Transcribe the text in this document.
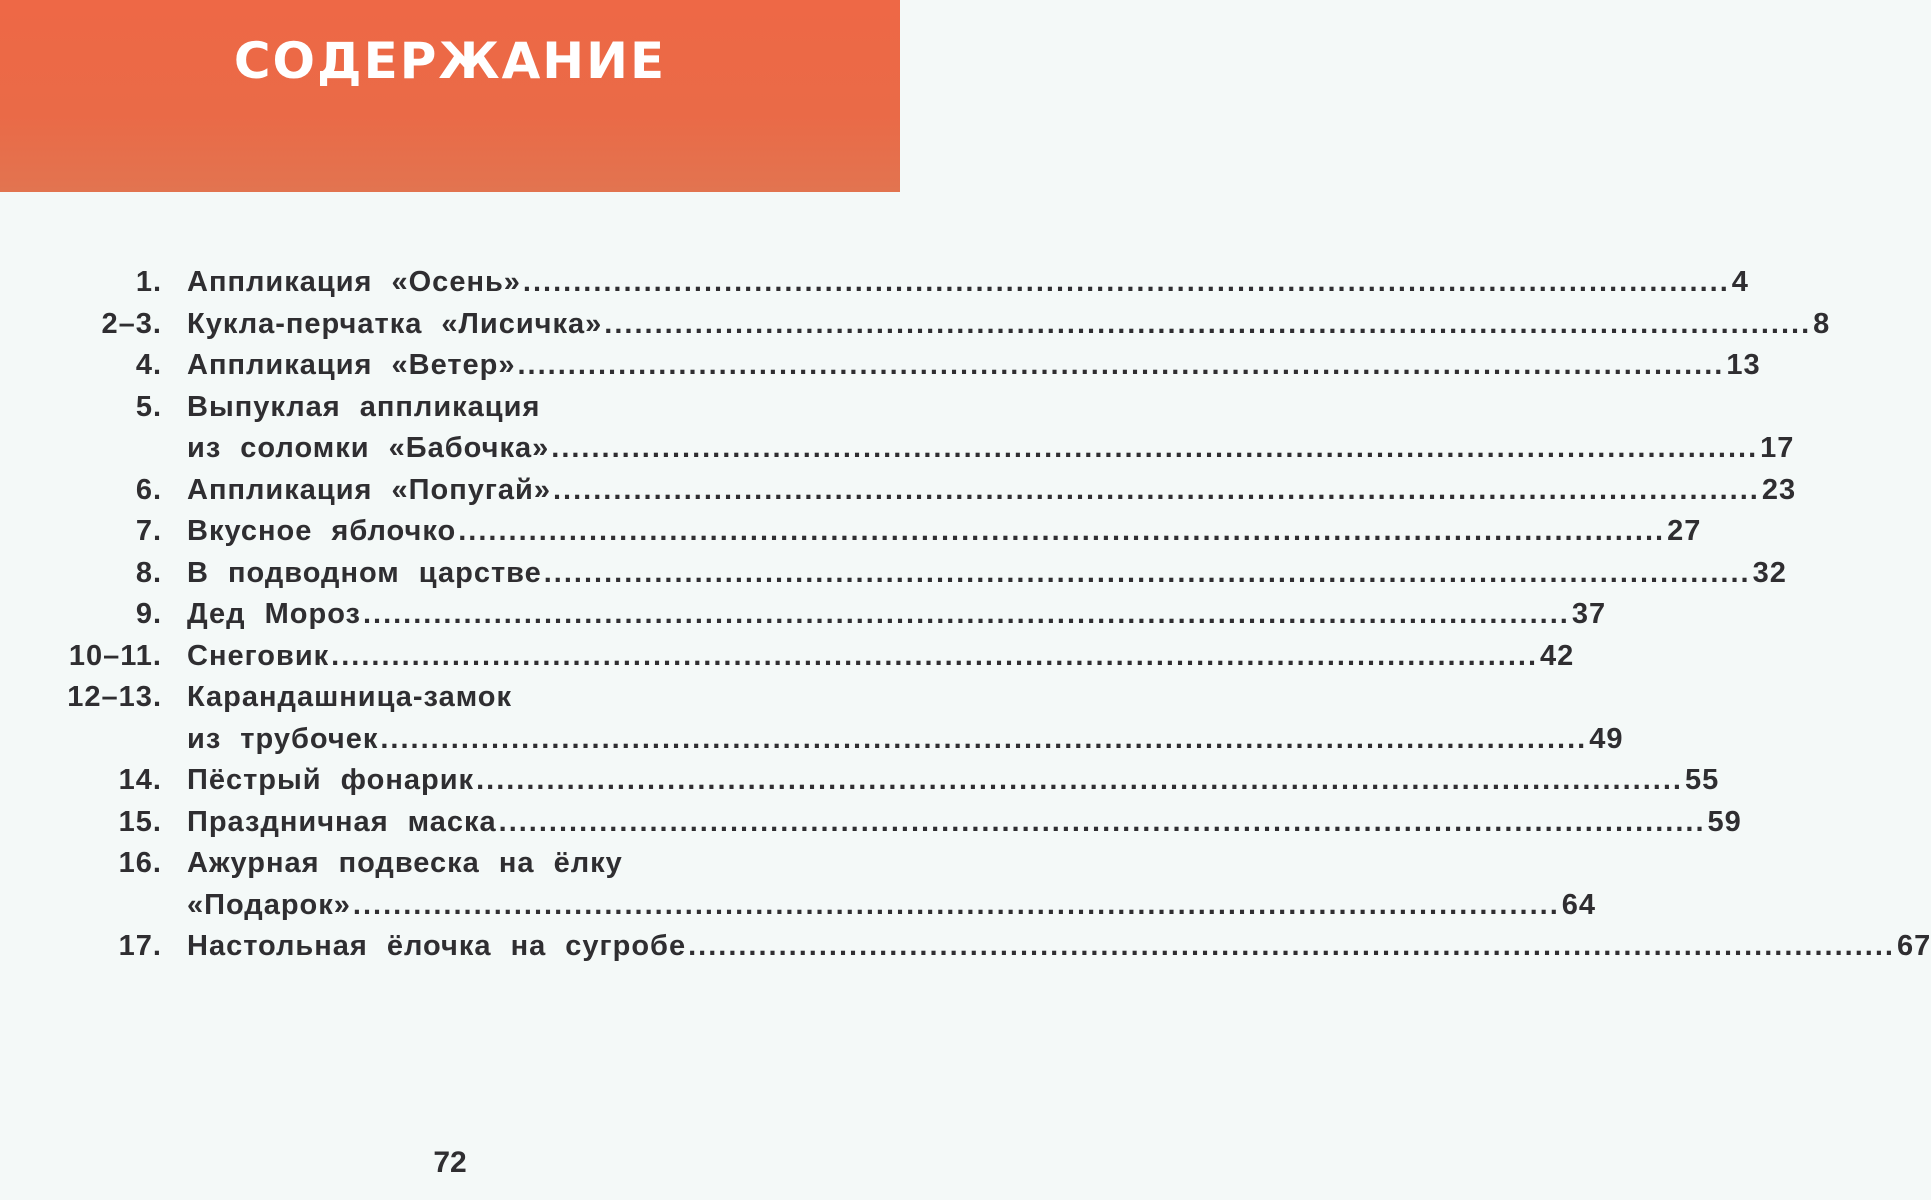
СОДЕРЖАНИЕ
1. Аппликация «Осень» ........................................................................................................................ 4
2–3. Кукла-перчатка «Лисичка» ........................................................................................................................ 8
4. Аппликация «Ветер» ........................................................................................................................ 13
5. Выпуклая аппликация
из соломки «Бабочка» ........................................................................................................................ 17
6. Аппликация «Попугай» ........................................................................................................................ 23
7. Вкусное яблочко ........................................................................................................................ 27
8. В подводном царстве ........................................................................................................................ 32
9. Дед Мороз ........................................................................................................................ 37
10–11. Снеговик ........................................................................................................................ 42
12–13. Карандашница-замок
из трубочек ........................................................................................................................ 49
14. Пёстрый фонарик ........................................................................................................................ 55
15. Праздничная маска ........................................................................................................................ 59
16. Ажурная подвеска на ёлку
«Подарок» ........................................................................................................................ 64
17. Настольная ёлочка на сугробе ........................................................................................................................ 67
72
